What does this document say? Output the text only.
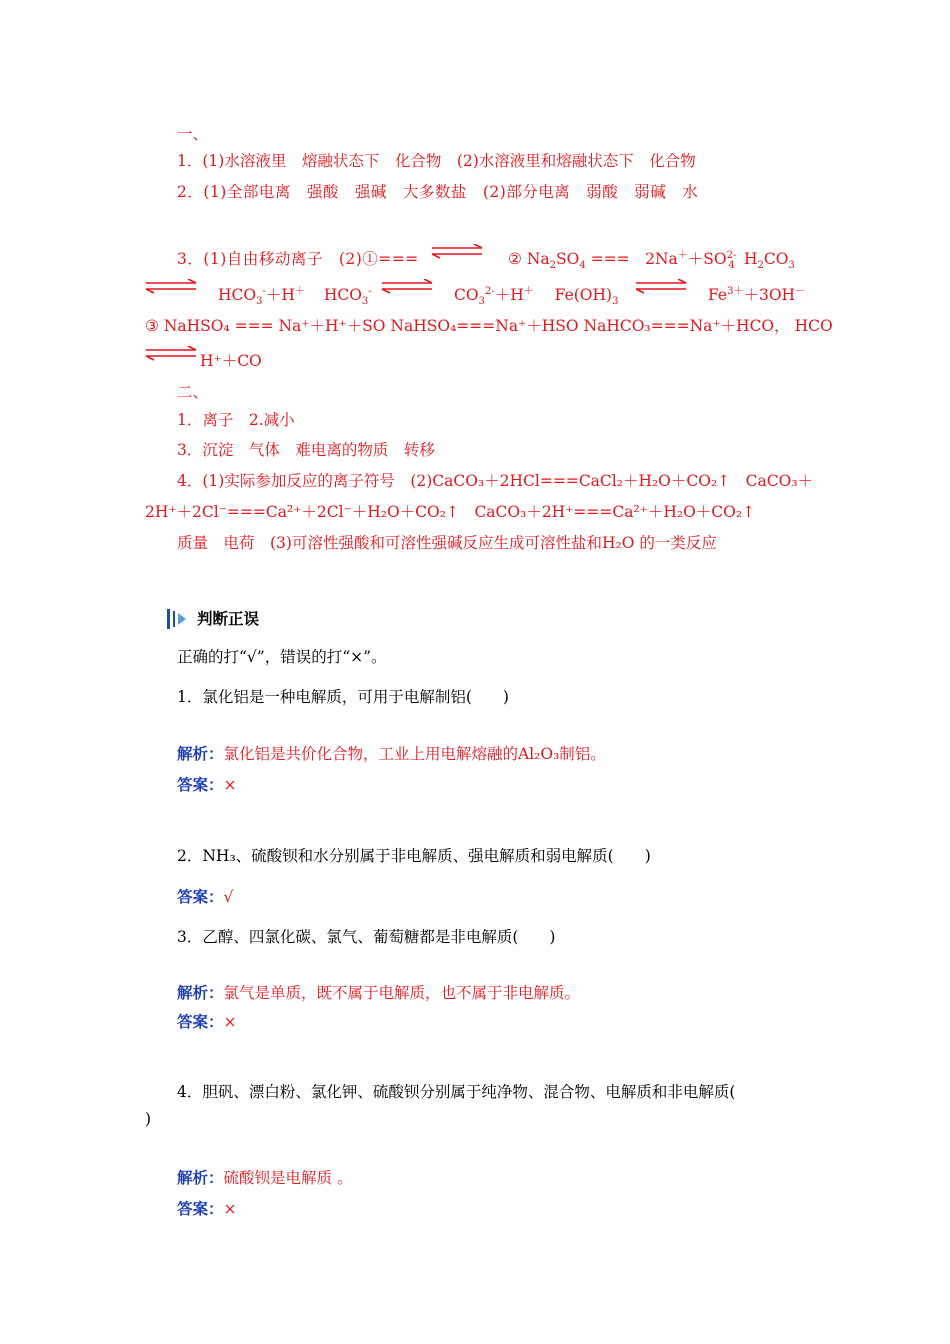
一、
1．(1)水溶液里　熔融状态下　化合物　(2)水溶液里和熔融状态下　化合物
2．(1)全部电离　强酸　强碱　大多数盐　(2)部分电离　弱酸　弱碱　水
3．(1)自由移动离子　(2)①===	② $Na_2SO_4$ ===　$2Na^++SO^{2-}_4$ $H_2CO_3$
$HCO_3^-+H^+$ $HCO_3^-$	$CO_3^{2-}+H^+$ $Fe(OH)_3$	$Fe^{3+}+3OH^-$
③ NaHSO₄ === Na⁺＋H⁺＋SO NaHSO₄===Na⁺＋HSO NaHCO₃===Na⁺＋HCO， HCO
H⁺＋CO
二、
1．离子　2.减小
3．沉淀　气体　难电离的物质　转移
4．(1)实际参加反应的离子符号　(2)CaCO₃＋2HCl===CaCl₂＋H₂O＋CO₂↑　CaCO₃＋
2H⁺＋2Cl⁻===Ca²⁺＋2Cl⁻＋H₂O＋CO₂↑　CaCO₃＋2H⁺===Ca²⁺＋H₂O＋CO₂↑
质量　电荷　(3)可溶性强酸和可溶性强碱反应生成可溶性盐和H₂O 的一类反应
判断正误
正确的打“√”，错误的打“×”。
1．氯化铝是一种电解质，可用于电解制铝(　　)
解析：氯化铝是共价化合物，工业上用电解熔融的Al₂O₃制铝。
答案：×
2．NH₃、硫酸钡和水分别属于非电解质、强电解质和弱电解质(　　)
答案：√
3．乙醇、四氯化碳、氯气、葡萄糖都是非电解质(　　)
解析：氯气是单质，既不属于电解质，也不属于非电解质。
答案：×
4．胆矾、漂白粉、氯化钾、硫酸钡分别属于纯净物、混合物、电解质和非电解质(
)
解析：硫酸钡是电解质 。
答案：×
